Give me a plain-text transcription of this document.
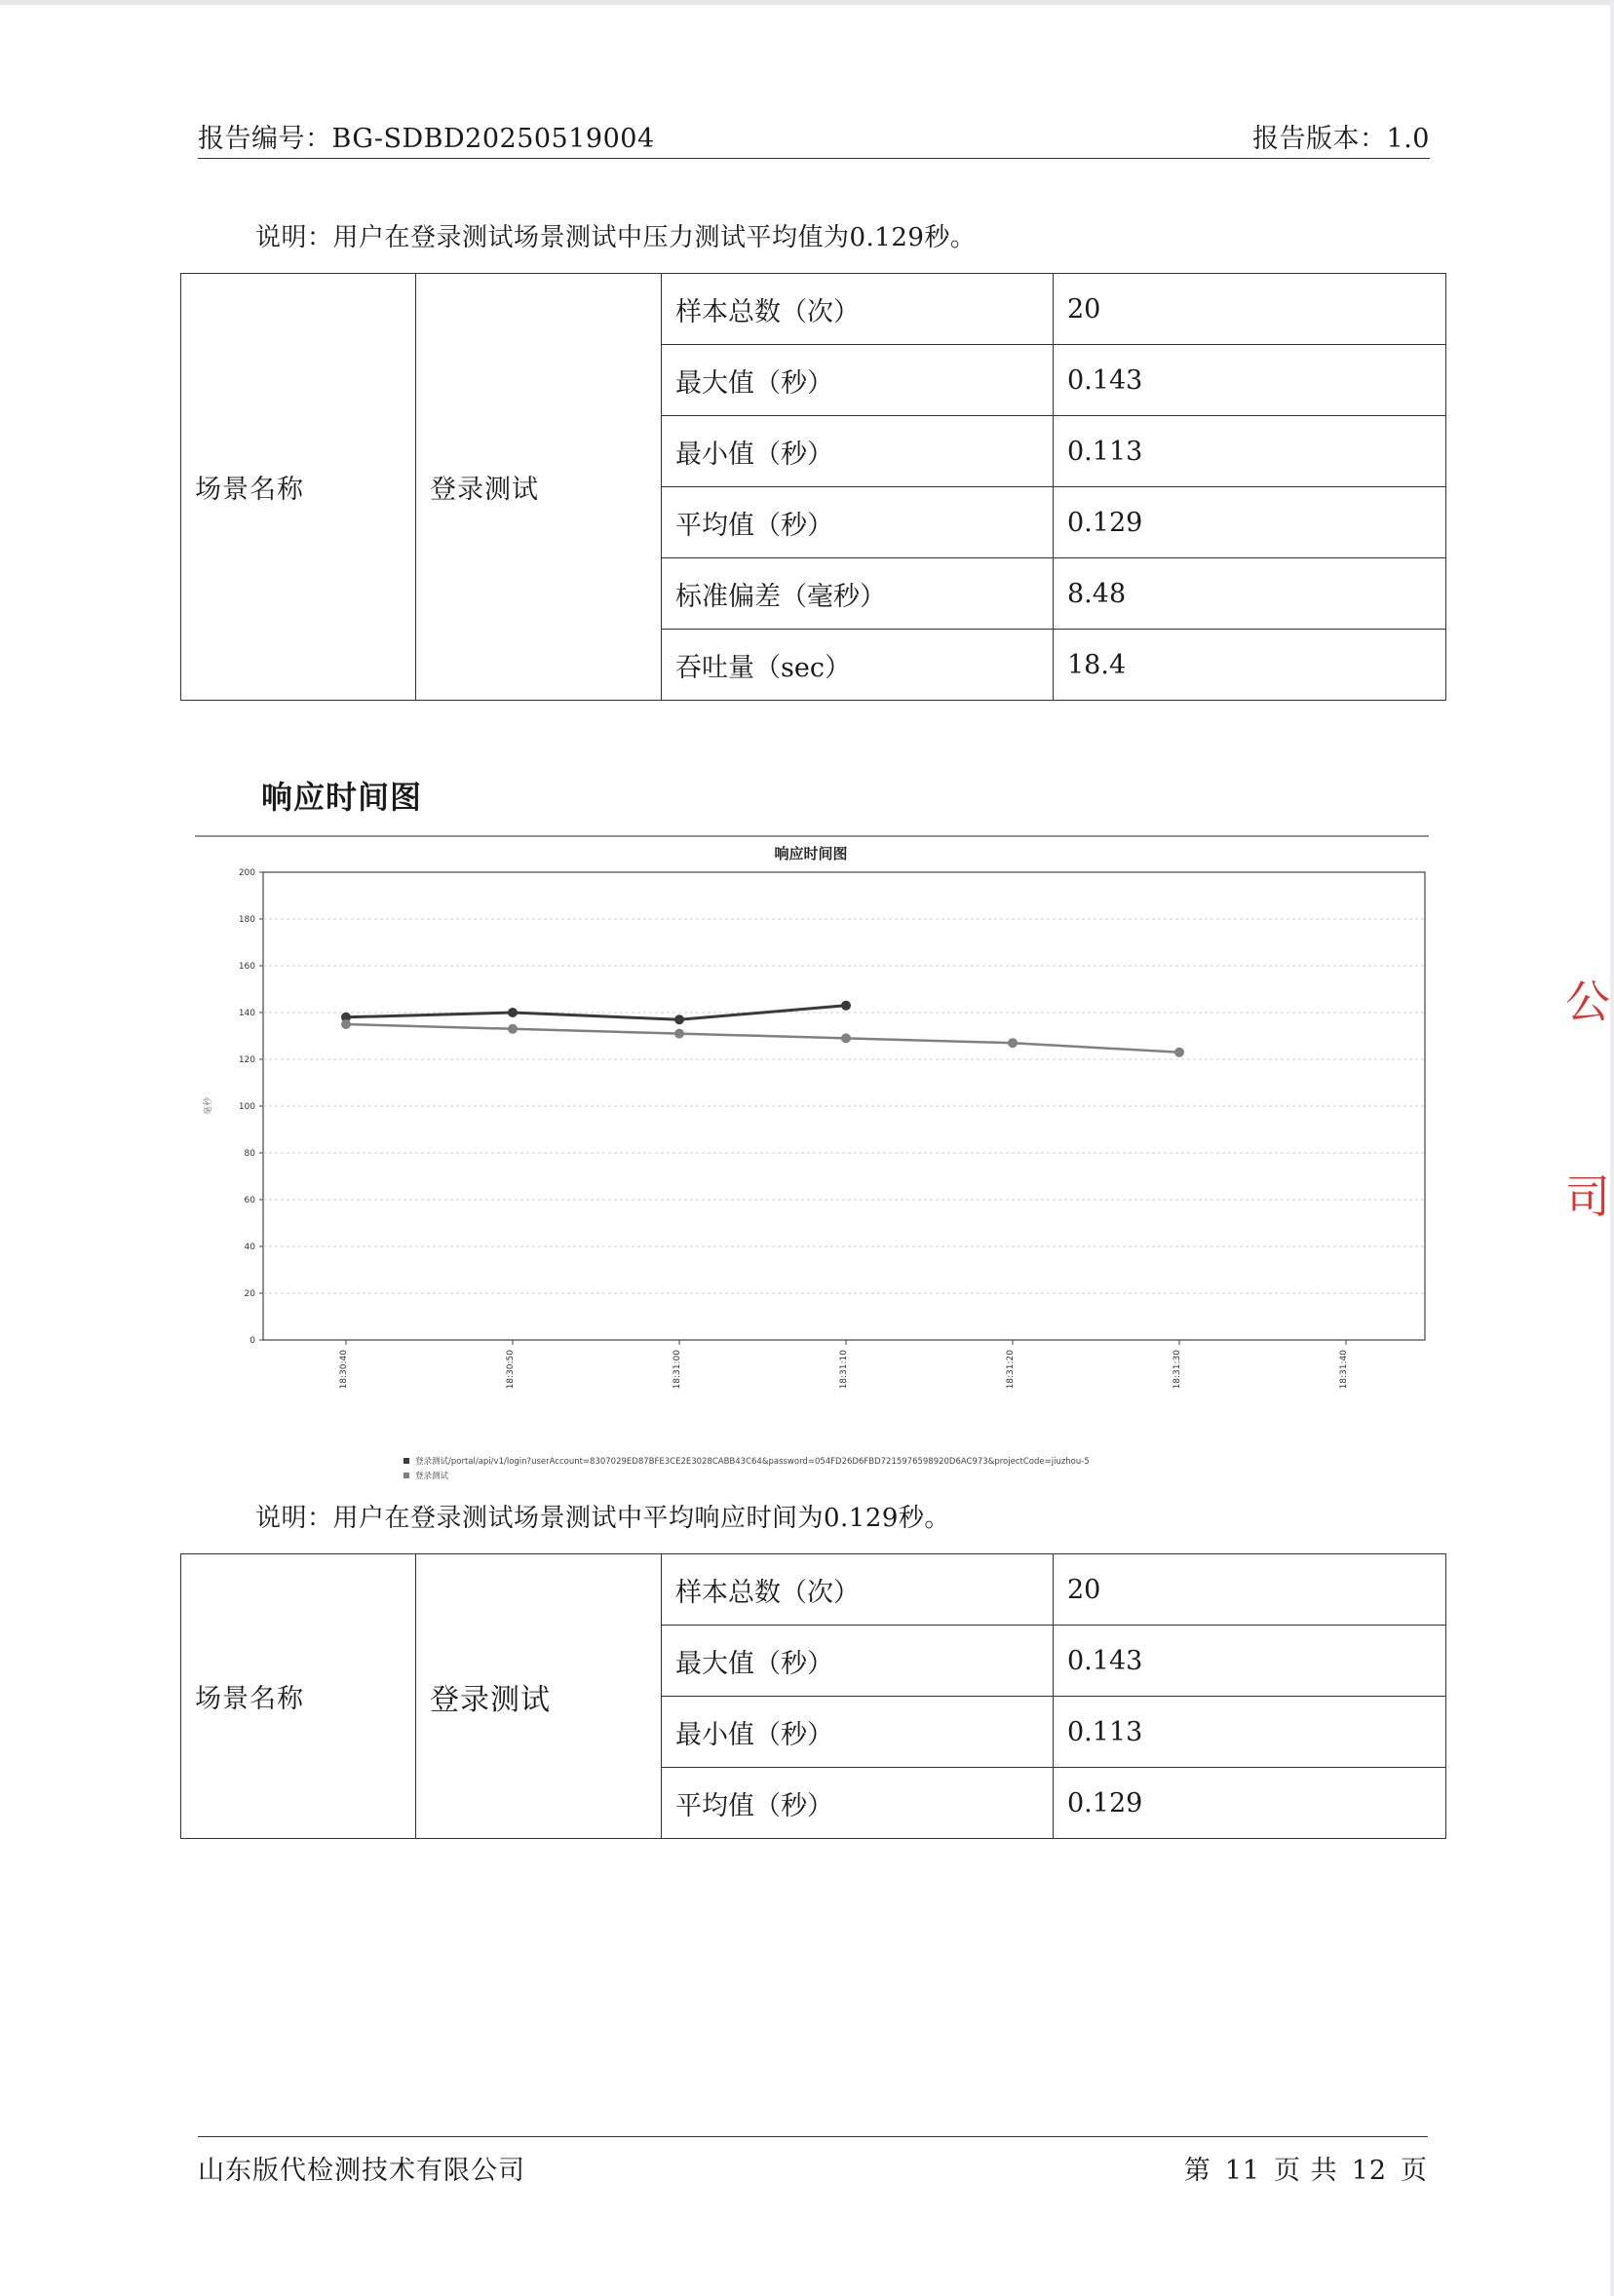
报告编号：BG-SDBD20250519004	报告版本：1.0
说明：用户在登录测试场景测试中压力测试平均值为0.129秒。
场景名称	登录测试	样本总数（次）	20
		最大值（秒）	0.143
		最小值（秒）	0.113
		平均值（秒）	0.129
		标准偏差（毫秒）	8.48
		吞吐量（sec）	18.4
响应时间图
响应时间图
0
20
40
60
80
100
120
140
160
180
200
毫秒
18:30:40	18:30:50	18:31:00	18:31:10	18:31:20	18:31:30	18:31:40
登录测试/portal/api/v1/login?userAccount=8307029ED87BFE3CE2E3028CABB43C64&password=054FD26D6FBD7215976598920D6AC973&projectCode=jiuzhou-5
登录测试
说明：用户在登录测试场景测试中平均响应时间为0.129秒。
场景名称	登录测试	样本总数（次）	20
		最大值（秒）	0.143
		最小值（秒）	0.113
		平均值（秒）	0.129
山东版代检测技术有限公司	第 11 页 共 12 页
公
司
